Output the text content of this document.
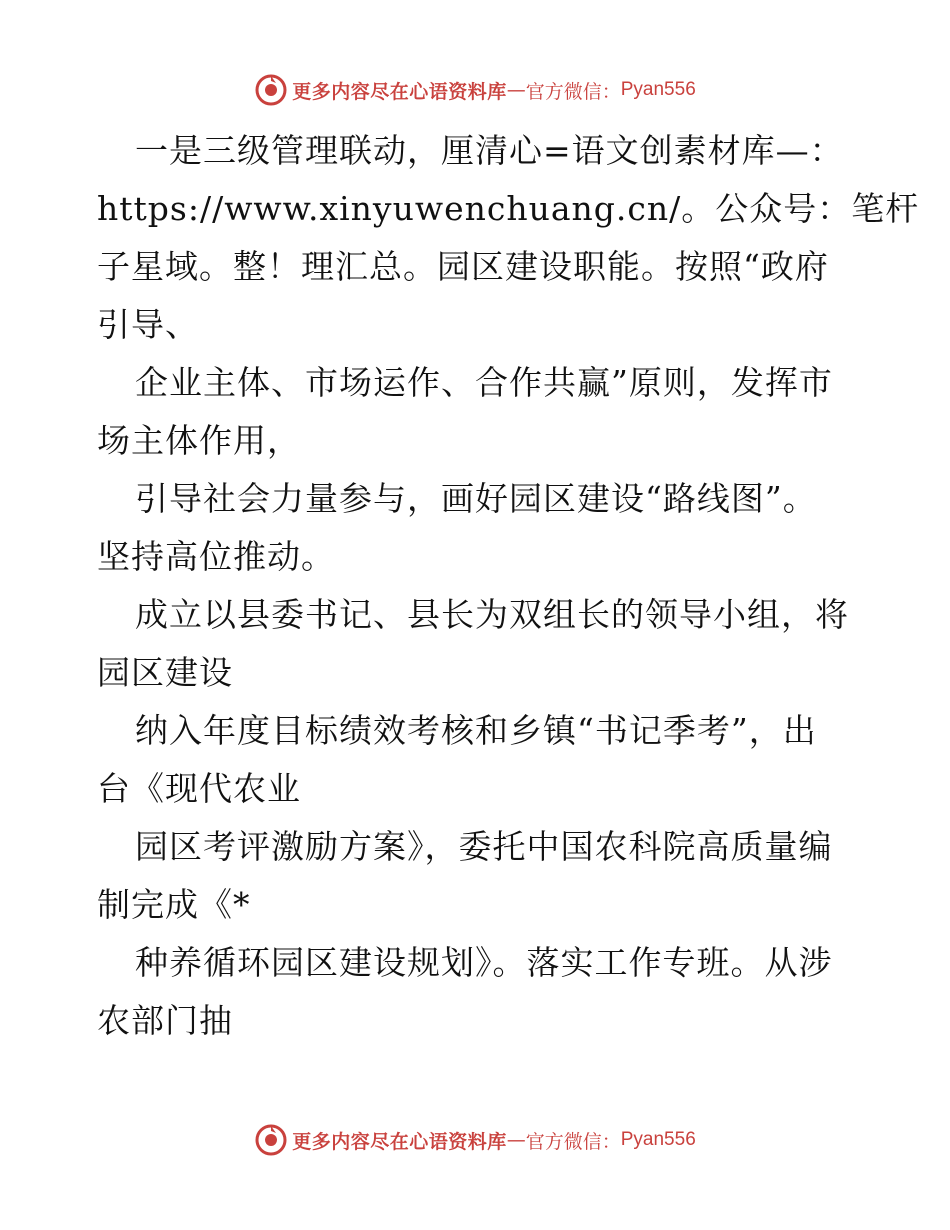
更多内容尽在心语资料库 — 官方微信： Pyan556
一是三级管理联动，厘清心=语文创素材库—：
https://www.xinyuwenchuang.cn/。公众号：笔杆
子星域。整！理汇总。园区建设职能。按照“政府
引导、
企业主体、市场运作、合作共赢”原则，发挥市
场主体作用，
引导社会力量参与，画好园区建设“路线图”。
坚持高位推动。
成立以县委书记、县长为双组长的领导小组，将
园区建设
纳入年度目标绩效考核和乡镇“书记季考”，出
台《现代农业
园区考评激励方案》，委托中国农科院高质量编
制完成《*
种养循环园区建设规划》。落实工作专班。从涉
农部门抽
更多内容尽在心语资料库 — 官方微信： Pyan556
